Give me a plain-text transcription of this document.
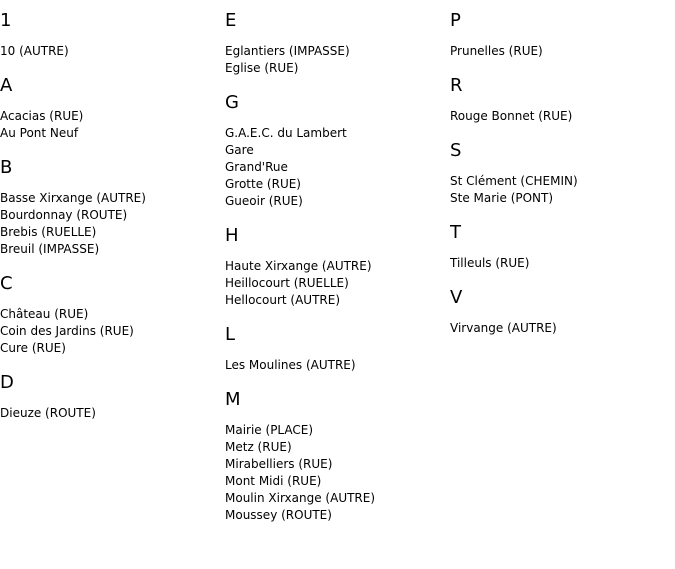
1
10 (AUTRE)
A
Acacias (RUE)
Au Pont Neuf
B
Basse Xirxange (AUTRE)
Bourdonnay (ROUTE)
Brebis (RUELLE)
Breuil (IMPASSE)
C
Château (RUE)
Coin des Jardins (RUE)
Cure (RUE)
D
Dieuze (ROUTE)
E
Eglantiers (IMPASSE)
Eglise (RUE)
G
G.A.E.C. du Lambert
Gare
Grand'Rue
Grotte (RUE)
Gueoir (RUE)
H
Haute Xirxange (AUTRE)
Heillocourt (RUELLE)
Hellocourt (AUTRE)
L
Les Moulines (AUTRE)
M
Mairie (PLACE)
Metz (RUE)
Mirabelliers (RUE)
Mont Midi (RUE)
Moulin Xirxange (AUTRE)
Moussey (ROUTE)
P
Prunelles (RUE)
R
Rouge Bonnet (RUE)
S
St Clément (CHEMIN)
Ste Marie (PONT)
T
Tilleuls (RUE)
V
Virvange (AUTRE)
